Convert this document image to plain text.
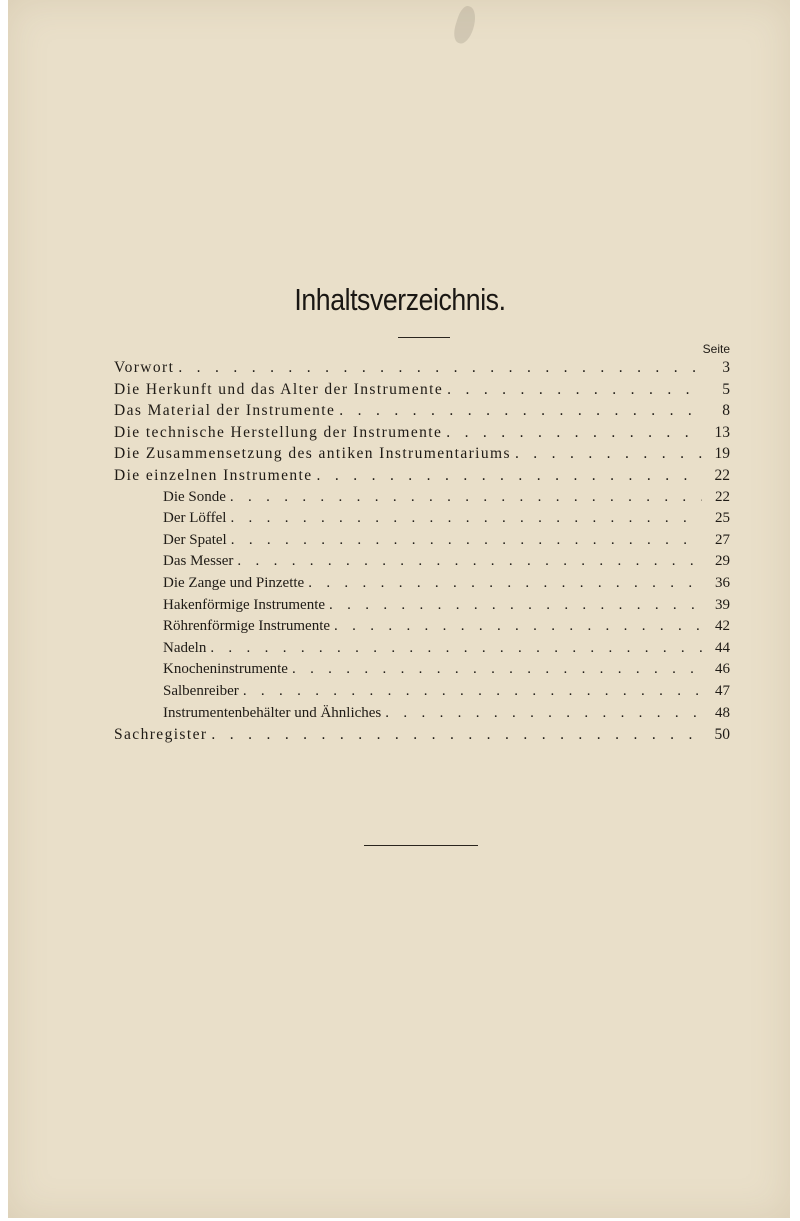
Inhaltsverzeichnis.
Seite
Vorwort . . .	3
Die Herkunft und das Alter der Instrumente . . .	5
Das Material der Instrumente . . .	8
Die technische Herstellung der Instrumente . . .	13
Die Zusammensetzung des antiken Instrumentariums . . .	19
Die einzelnen Instrumente . . .	22
Die Sonde . . .	22
Der Löffel . . .	25
Der Spatel . . .	27
Das Messer . . .	29
Die Zange und Pinzette . . .	36
Hakenförmige Instrumente . . .	39
Röhrenförmige Instrumente . . .	42
Nadeln . . .	44
Knocheninstrumente . . .	46
Salbenreiber . . .	47
Instrumentenbehälter und Ähnliches . . .	48
Sachregister . . .	50
